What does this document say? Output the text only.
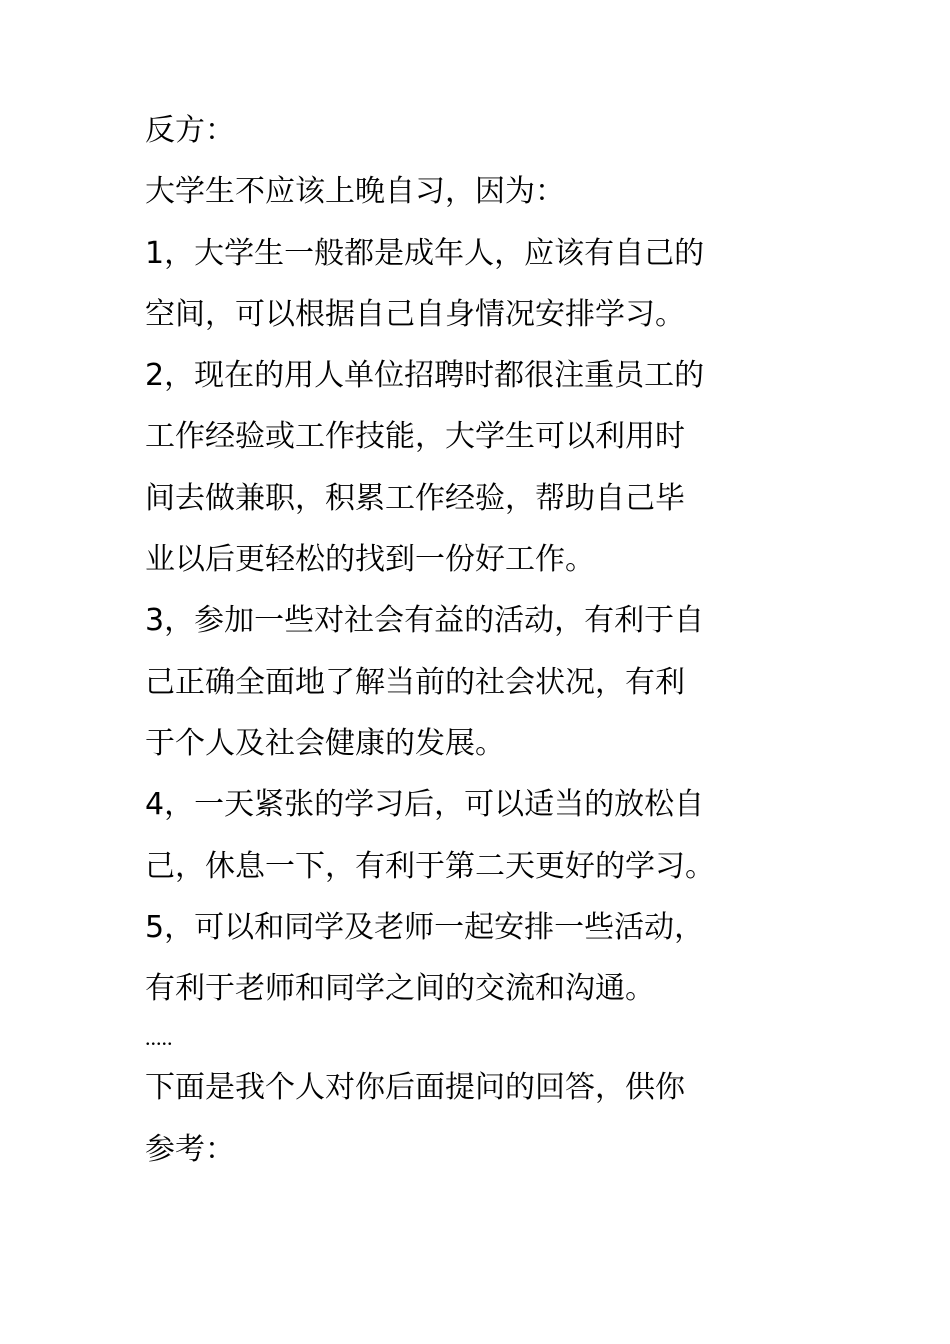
反方：
大学生不应该上晚自习，因为：
1，大学生一般都是成年人，应该有自己的
空间，可以根据自己自身情况安排学习。
2，现在的用人单位招聘时都很注重员工的
工作经验或工作技能，大学生可以利用时
间去做兼职，积累工作经验，帮助自己毕
业以后更轻松的找到一份好工作。
3，参加一些对社会有益的活动，有利于自
己正确全面地了解当前的社会状况，有利
于个人及社会健康的发展。
4，一天紧张的学习后，可以适当的放松自
己，休息一下，有利于第二天更好的学习。
5，可以和同学及老师一起安排一些活动，
有利于老师和同学之间的交流和沟通。
.....
下面是我个人对你后面提问的回答，供你
参考：
